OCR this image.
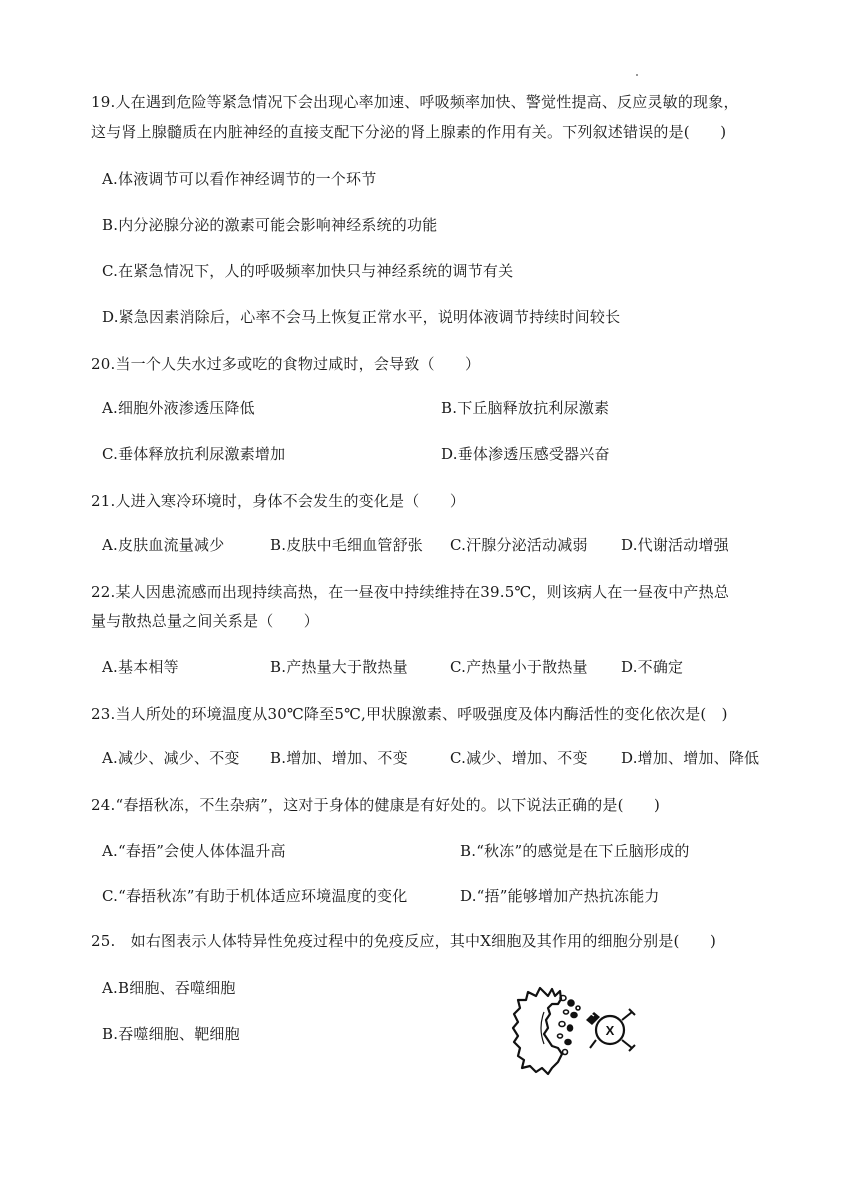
19.人在遇到危险等紧急情况下会出现心率加速、呼吸频率加快、警觉性提高、反应灵敏的现象，
这与肾上腺髓质在内脏神经的直接支配下分泌的肾上腺素的作用有关。下列叙述错误的是(　　)
A.体液调节可以看作神经调节的一个环节
B.内分泌腺分泌的激素可能会影响神经系统的功能
C.在紧急情况下，人的呼吸频率加快只与神经系统的调节有关
D.紧急因素消除后，心率不会马上恢复正常水平，说明体液调节持续时间较长
20.当一个人失水过多或吃的食物过咸时，会导致（　　）
A.细胞外液渗透压降低	B.下丘脑释放抗利尿激素
C.垂体释放抗利尿激素增加	D.垂体渗透压感受器兴奋
21.人进入寒冷环境时，身体不会发生的变化是（　　）
A.皮肤血流量减少	B.皮肤中毛细血管舒张 C.汗腺分泌活动减弱 D.代谢活动增强
22.某人因患流感而出现持续高热，在一昼夜中持续维持在39.5℃，则该病人在一昼夜中产热总
量与散热总量之间关系是（　　）
A.基本相等	B.产热量大于散热量	C.产热量小于散热量 D.不确定
23.当人所处的环境温度从30℃降至5℃,甲状腺激素、呼吸强度及体内酶活性的变化依次是(　)
A.减少、减少、不变 B.增加、增加、不变	C.减少、增加、不变 D.增加、增加、降低
24.“春捂秋冻，不生杂病”，这对于身体的健康是有好处的。以下说法正确的是(　　)
A.“春捂”会使人体体温升高	B.“秋冻”的感觉是在下丘脑形成的
C.“春捂秋冻”有助于机体适应环境温度的变化	D.“捂”能够增加产热抗冻能力
25.　如右图表示人体特异性免疫过程中的免疫反应，其中X细胞及其作用的细胞分别是(　　)
A.B细胞、吞噬细胞
B.吞噬细胞、靶细胞	X
